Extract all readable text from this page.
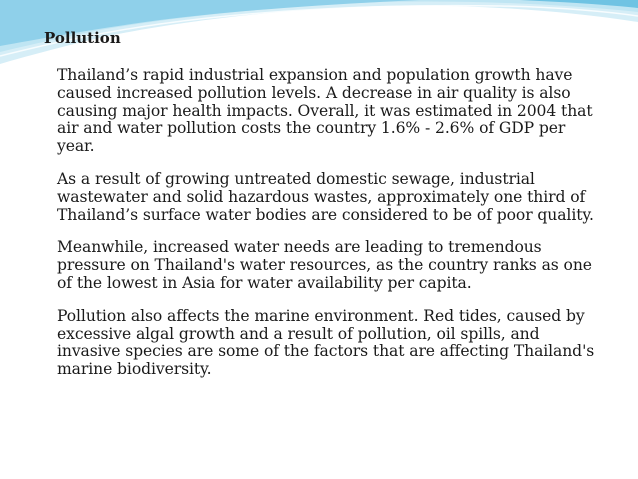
Pollution

Thailand’s rapid industrial expansion and population growth have caused increased pollution levels. A decrease in air quality is also causing major health impacts. Overall, it was estimated in 2004 that air and water pollution costs the country 1.6% - 2.6% of GDP per year.

As a result of growing untreated domestic sewage, industrial wastewater and solid hazardous wastes, approximately one third of Thailand’s surface water bodies are considered to be of poor quality.

Meanwhile, increased water needs are leading to tremendous pressure on Thailand's water resources, as the country ranks as one of the lowest in Asia for water availability per capita.

Pollution also affects the marine environment. Red tides, caused by excessive algal growth and a result of pollution, oil spills, and invasive species are some of the factors that are affecting Thailand's marine biodiversity.
